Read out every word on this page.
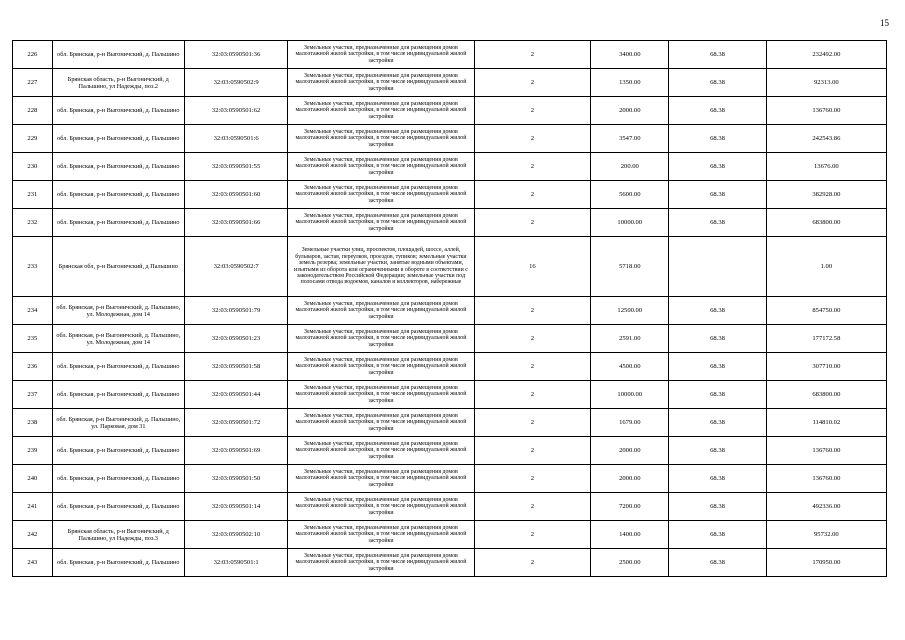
15
226	обл. Брянская, р-н Выгоничский, д. Пальшино	32:03:0590501:36	Земельные участки, предназначенные для размещения домов малоэтажной жилой застройки, в том числе индивидуальной жилой застройки	2	3400.00	68.38	232492.00
227	Брянская область, р-н Выгоничский, д Пальшино, ул Надежды, поз.2	32:03:0590502:9	Земельные участки, предназначенные для размещения домов малоэтажной жилой застройки, в том числе индивидуальной жилой застройки	2	1350.00	68.38	92313.00
228	обл. Брянская, р-н Выгоничский, д. Пальшино	32:03:0590501:62	Земельные участки, предназначенные для размещения домов малоэтажной жилой застройки, в том числе индивидуальной жилой застройки	2	2000.00	68.38	136760.00
229	обл. Брянская, р-н Выгоничский, д. Пальшино	32:03:0590501:6	Земельные участки, предназначенные для размещения домов малоэтажной жилой застройки, в том числе индивидуальной жилой застройки	2	3547.00	68.38	242543.86
230	обл. Брянская, р-н Выгоничский, д. Пальшино	32:03:0590501:55	Земельные участки, предназначенные для размещения домов малоэтажной жилой застройки, в том числе индивидуальной жилой застройки	2	200.00	68.38	13676.00
231	обл. Брянская, р-н Выгоничский, д. Пальшино	32:03:0590501:60	Земельные участки, предназначенные для размещения домов малоэтажной жилой застройки, в том числе индивидуальной жилой застройки	2	5600.00	68.38	382928.00
232	обл. Брянская, р-н Выгоничский, д. Пальшино	32:03:0590501:66	Земельные участки, предназначенные для размещения домов малоэтажной жилой застройки, в том числе индивидуальной жилой застройки	2	10000.00	68.38	683800.00
233	Брянская обл, р-н Выгоничский, д Пальшино	32:03:0590502:7	Земельные участки улиц, проспектов, площадей, шоссе, аллей, бульваров, застав, переулков, проездов, тупиков; земельные участки земель резерва; земельные участки, занятые водными объектами, изъятыми из оборота или ограниченными в обороте в соответствии с законодательством Российской Федерации; земельные участки под полосами отвода водоемов, каналов и коллекторов, набережные	16	5718.00		1.00
234	обл. Брянская, р-н Выгоничский, д. Пальшино, ул. Молодежная, дом 14	32:03:0590501:79	Земельные участки, предназначенные для размещения домов малоэтажной жилой застройки, в том числе индивидуальной жилой застройки	2	12500.00	68.38	854750.00
235	обл. Брянская, р-н Выгоничский, д. Пальшино, ул. Молодежная, дом 14	32:03:0590501:23	Земельные участки, предназначенные для размещения домов малоэтажной жилой застройки, в том числе индивидуальной жилой застройки	2	2591.00	68.38	177172.58
236	обл. Брянская, р-н Выгоничский, д. Пальшино	32:03:0590501:58	Земельные участки, предназначенные для размещения домов малоэтажной жилой застройки, в том числе индивидуальной жилой застройки	2	4500.00	68.38	307710.00
237	обл. Брянская, р-н Выгоничский, д. Пальшино	32:03:0590501:44	Земельные участки, предназначенные для размещения домов малоэтажной жилой застройки, в том числе индивидуальной жилой застройки	2	10000.00	68.38	683800.00
238	обл. Брянская, р-н Выгоничский, д. Пальшино, ул. Парковая, дом 31	32:03:0590501:72	Земельные участки, предназначенные для размещения домов малоэтажной жилой застройки, в том числе индивидуальной жилой застройки	2	1679.00	68.38	114810.02
239	обл. Брянская, р-н Выгоничский, д. Пальшино	32:03:0590501:69	Земельные участки, предназначенные для размещения домов малоэтажной жилой застройки, в том числе индивидуальной жилой застройки	2	2000.00	68.38	136760.00
240	обл. Брянская, р-н Выгоничский, д. Пальшино	32:03:0590501:50	Земельные участки, предназначенные для размещения домов малоэтажной жилой застройки, в том числе индивидуальной жилой застройки	2	2000.00	68.38	136760.00
241	обл. Брянская, р-н Выгоничский, д. Пальшино	32:03:0590501:14	Земельные участки, предназначенные для размещения домов малоэтажной жилой застройки, в том числе индивидуальной жилой застройки	2	7200.00	68.38	492336.00
242	Брянская область, р-н Выгоничский, д Пальшино, ул Надежды, поз.3	32:03:0590502:10	Земельные участки, предназначенные для размещения домов малоэтажной жилой застройки, в том числе индивидуальной жилой застройки	2	1400.00	68.38	95732.00
243	обл. Брянская, р-н Выгоничский, д. Пальшино	32:03:0590501:1	Земельные участки, предназначенные для размещения домов малоэтажной жилой застройки, в том числе индивидуальной жилой застройки	2	2500.00	68.38	170950.00
